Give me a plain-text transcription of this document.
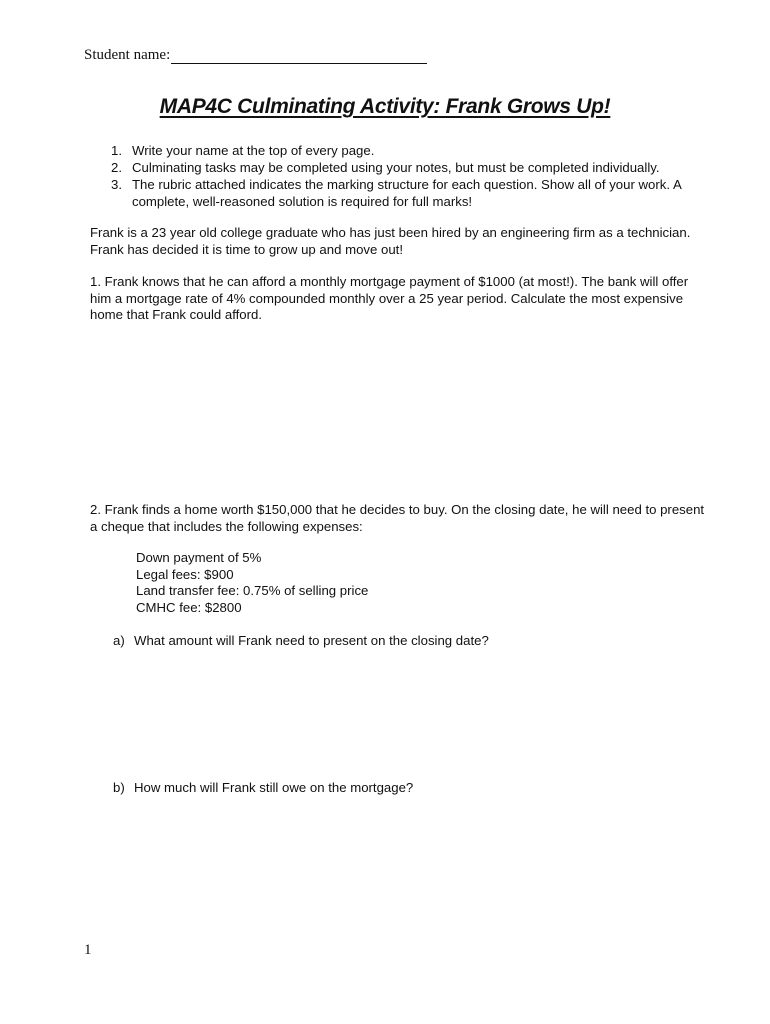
Student name:
MAP4C Culminating Activity: Frank Grows Up!
1. Write your name at the top of every page.
2. Culminating tasks may be completed using your notes, but must be completed individually.
3. The rubric attached indicates the marking structure for each question. Show all of your work. A complete, well-reasoned solution is required for full marks!

Frank is a 23 year old college graduate who has just been hired by an engineering firm as a technician. Frank has decided it is time to grow up and move out!

1. Frank knows that he can afford a monthly mortgage payment of $1000 (at most!). The bank will offer him a mortgage rate of 4% compounded monthly over a 25 year period. Calculate the most expensive home that Frank could afford.

2. Frank finds a home worth $150,000 that he decides to buy. On the closing date, he will need to present a cheque that includes the following expenses:

Down payment of 5%
Legal fees: $900
Land transfer fee: 0.75% of selling price
CMHC fee: $2800
a) What amount will Frank need to present on the closing date?
b) How much will Frank still owe on the mortgage?
1
